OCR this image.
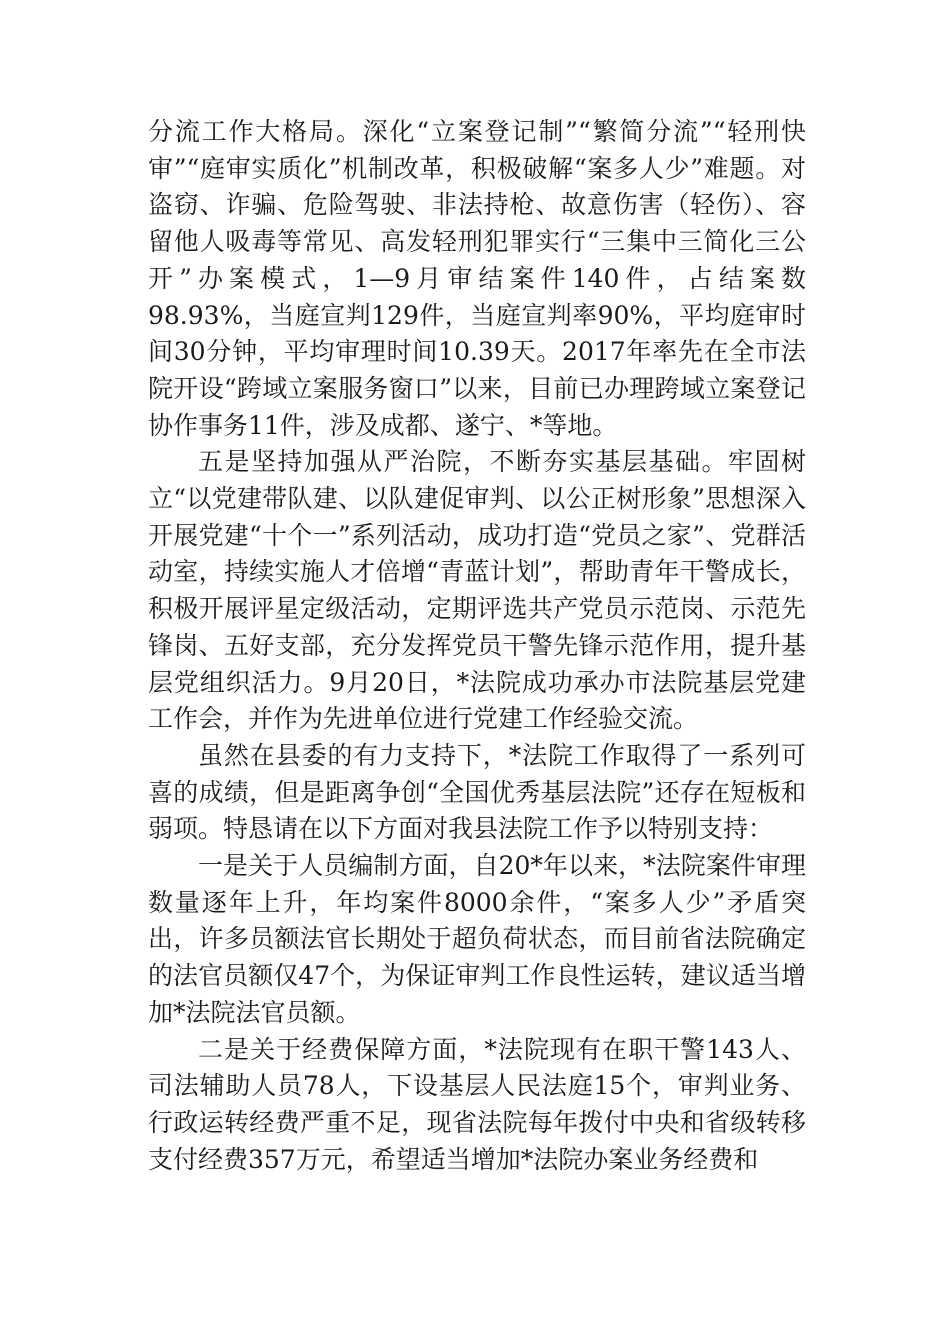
分流工作大格局。深化“立案登记制”“繁简分流”“轻刑快审”“庭审实质化”机制改革，积极破解“案多人少”难题。对盗窃、诈骗、危险驾驶、非法持枪、故意伤害（轻伤）、容留他人吸毒等常见、高发轻刑犯罪实行“三集中三简化三公开”办案模式，1—9月审结案件140件，占结案数98.93%，当庭宣判129件，当庭宣判率90%，平均庭审时间30分钟，平均审理时间10.39天。2017年率先在全市法院开设“跨域立案服务窗口”以来，目前已办理跨域立案登记协作事务11件，涉及成都、遂宁、*等地。

五是坚持加强从严治院，不断夯实基层基础。牢固树立“以党建带队建、以队建促审判、以公正树形象”思想深入开展党建“十个一”系列活动，成功打造“党员之家”、党群活动室，持续实施人才倍增“青蓝计划”，帮助青年干警成长，积极开展评星定级活动，定期评选共产党员示范岗、示范先锋岗、五好支部，充分发挥党员干警先锋示范作用，提升基层党组织活力。9月20日，*法院成功承办市法院基层党建工作会，并作为先进单位进行党建工作经验交流。

虽然在县委的有力支持下，*法院工作取得了一系列可喜的成绩，但是距离争创“全国优秀基层法院”还存在短板和弱项。特恳请在以下方面对我县法院工作予以特别支持：

一是关于人员编制方面，自20*年以来，*法院案件审理数量逐年上升，年均案件8000余件，“案多人少”矛盾突出，许多员额法官长期处于超负荷状态，而目前省法院确定的法官员额仅47个，为保证审判工作良性运转，建议适当增加*法院法官员额。

二是关于经费保障方面，*法院现有在职干警143人、司法辅助人员78人，下设基层人民法庭15个，审判业务、行政运转经费严重不足，现省法院每年拨付中央和省级转移支付经费357万元，希望适当增加*法院办案业务经费和
